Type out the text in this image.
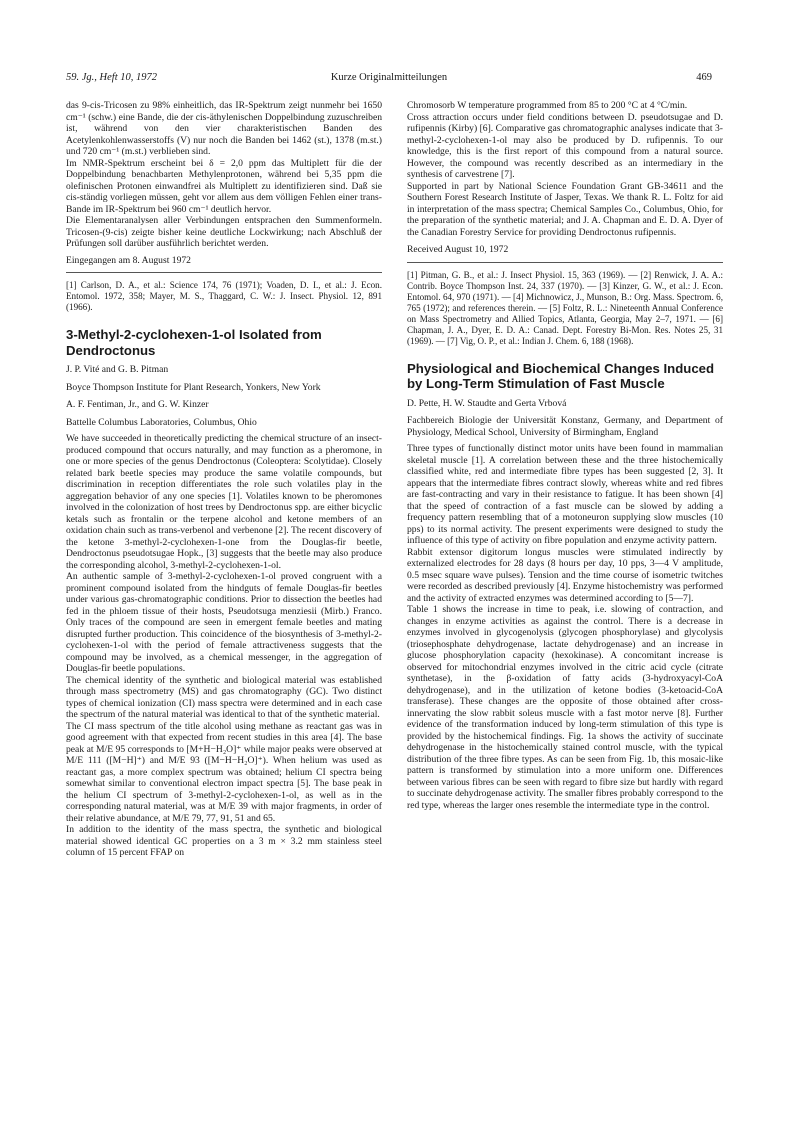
59. Jg., Heft 10, 1972	Kurze Originalmitteilungen	469

das 9-cis-Tricosen zu 98% einheitlich, das IR-Spektrum zeigt nunmehr bei 1650 cm⁻¹ (schw.) eine Bande, die der cis-äthylenischen Doppelbindung zuzuschreiben ist, während von den vier charakteristischen Banden des Acetylenkohlenwasserstoffs (V) nur noch die Banden bei 1462 (st.), 1378 (m.st.) und 720 cm⁻¹ (m.st.) verblieben sind.

Im NMR-Spektrum erscheint bei δ = 2,0 ppm das Multiplett für die der Doppelbindung benachbarten Methylenprotonen, während bei 5,35 ppm die olefinischen Protonen einwandfrei als Multiplett zu identifizieren sind. Daß sie cis-ständig vorliegen müssen, geht vor allem aus dem völligen Fehlen einer trans-Bande im IR-Spektrum bei 960 cm⁻¹ deutlich hervor.

Die Elementaranalysen aller Verbindungen entsprachen den Summenformeln. Tricosen-(9-cis) zeigte bisher keine deutliche Lockwirkung; nach Abschluß der Prüfungen soll darüber ausführlich berichtet werden.

Eingegangen am 8. August 1972

[1] Carlson, D. A., et al.: Science 174, 76 (1971); Voaden, D. I., et al.: J. Econ. Entomol. 1972, 358; Mayer, M. S., Thaggard, C. W.: J. Insect. Physiol. 12, 891 (1966).

3-Methyl-2-cyclohexen-1-ol Isolated from Dendroctonus

J. P. Vité and G. B. Pitman

Boyce Thompson Institute for Plant Research, Yonkers, New York

A. F. Fentiman, Jr., and G. W. Kinzer

Battelle Columbus Laboratories, Columbus, Ohio

We have succeeded in theoretically predicting the chemical structure of an insect-produced compound that occurs naturally, and may function as a pheromone, in one or more species of the genus Dendroctonus (Coleoptera: Scolytidae). Closely related bark beetle species may produce the same volatile compounds, but discrimination in reception differentiates the role such volatiles play in the aggregation behavior of any one species [1]. Volatiles known to be pheromones involved in the colonization of host trees by Dendroctonus spp. are either bicyclic ketals such as frontalin or the terpene alcohol and ketone members of an oxidation chain such as trans-verbenol and verbenone [2]. The recent discovery of the ketone 3-methyl-2-cyclohexen-1-one from the Douglas-fir beetle, Dendroctonus pseudotsugae Hopk., [3] suggests that the beetle may also produce the corresponding alcohol, 3-methyl-2-cyclohexen-1-ol.

An authentic sample of 3-methyl-2-cyclohexen-1-ol proved congruent with a prominent compound isolated from the hindguts of female Douglas-fir beetles under various gas-chromatographic conditions. Prior to dissection the beetles had fed in the phloem tissue of their hosts, Pseudotsuga menziesii (Mirb.) Franco. Only traces of the compound are seen in emergent female beetles and mating disrupted further production. This coincidence of the biosynthesis of 3-methyl-2-cyclohexen-1-ol with the period of female attractiveness suggests that the compound may be involved, as a chemical messenger, in the aggregation of Douglas-fir beetle populations.

The chemical identity of the synthetic and biological material was established through mass spectrometry (MS) and gas chromatography (GC). Two distinct types of chemical ionization (CI) mass spectra were determined and in each case the spectrum of the natural material was identical to that of the synthetic material.

The CI mass spectrum of the title alcohol using methane as reactant gas was in good agreement with that expected from recent studies in this area [4]. The base peak at M/E 95 corresponds to [M+H−H₂O]⁺ while major peaks were observed at M/E 111 ([M−H]⁺) and M/E 93 ([M−H−H₂O]⁺). When helium was used as reactant gas, a more complex spectrum was obtained; helium CI spectra being somewhat similar to conventional electron impact spectra [5]. The base peak in the helium CI spectrum of 3-methyl-2-cyclohexen-1-ol, as well as in the corresponding natural material, was at M/E 39 with major fragments, in order of their relative abundance, at M/E 79, 77, 91, 51 and 65.

In addition to the identity of the mass spectra, the synthetic and biological material showed identical GC properties on a 3 m × 3.2 mm stainless steel column of 15 percent FFAP on

Chromosorb W temperature programmed from 85 to 200 °C at 4 °C/min.

Cross attraction occurs under field conditions between D. pseudotsugae and D. rufipennis (Kirby) [6]. Comparative gas chromatographic analyses indicate that 3-methyl-2-cyclohexen-1-ol may also be produced by D. rufipennis. To our knowledge, this is the first report of this compound from a natural source. However, the compound was recently described as an intermediary in the synthesis of carvestrene [7].

Supported in part by National Science Foundation Grant GB-34611 and the Southern Forest Research Institute of Jasper, Texas. We thank R. L. Foltz for aid in interpretation of the mass spectra; Chemical Samples Co., Columbus, Ohio, for the preparation of the synthetic material; and J. A. Chapman and E. D. A. Dyer of the Canadian Forestry Service for providing Dendroctonus rufipennis.

Received August 10, 1972

[1] Pitman, G. B., et al.: J. Insect Physiol. 15, 363 (1969). — [2] Renwick, J. A. A.: Contrib. Boyce Thompson Inst. 24, 337 (1970). — [3] Kinzer, G. W., et al.: J. Econ. Entomol. 64, 970 (1971). — [4] Michnowicz, J., Munson, B.: Org. Mass. Spectrom. 6, 765 (1972); and references therein. — [5] Foltz, R. L.: Nineteenth Annual Conference on Mass Spectrometry and Allied Topics, Atlanta, Georgia, May 2–7, 1971. — [6] Chapman, J. A., Dyer, E. D. A.: Canad. Dept. Forestry Bi-Mon. Res. Notes 25, 31 (1969). — [7] Vig, O. P., et al.: Indian J. Chem. 6, 188 (1968).

Physiological and Biochemical Changes Induced by Long-Term Stimulation of Fast Muscle

D. Pette, H. W. Staudte and Gerta Vrbová

Fachbereich Biologie der Universität Konstanz, Germany, and Department of Physiology, Medical School, University of Birmingham, England

Three types of functionally distinct motor units have been found in mammalian skeletal muscle [1]. A correlation between these and the three histochemically classified white, red and intermediate fibre types has been suggested [2, 3]. It appears that the intermediate fibres contract slowly, whereas white and red fibres are fast-contracting and vary in their resistance to fatigue. It has been shown [4] that the speed of contraction of a fast muscle can be slowed by adding a frequency pattern resembling that of a motoneuron supplying slow muscles (10 pps) to its normal activity. The present experiments were designed to study the influence of this type of activity on fibre population and enzyme activity pattern.

Rabbit extensor digitorum longus muscles were stimulated indirectly by externalized electrodes for 28 days (8 hours per day, 10 pps, 3—4 V amplitude, 0.5 msec square wave pulses). Tension and the time course of isometric twitches were recorded as described previously [4]. Enzyme histochemistry was performed and the activity of extracted enzymes was determined according to [5—7].

Table 1 shows the increase in time to peak, i.e. slowing of contraction, and changes in enzyme activities as against the control. There is a decrease in enzymes involved in glycogenolysis (glycogen phosphorylase) and glycolysis (triosephosphate dehydrogenase, lactate dehydrogenase) and an increase in glucose phosphorylation capacity (hexokinase). A concomitant increase is observed for mitochondrial enzymes involved in the citric acid cycle (citrate synthetase), in the β-oxidation of fatty acids (3-hydroxyacyl-CoA dehydrogenase), and in the utilization of ketone bodies (3-ketoacid-CoA transferase). These changes are the opposite of those obtained after cross-innervating the slow rabbit soleus muscle with a fast motor nerve [8]. Further evidence of the transformation induced by long-term stimulation of this type is provided by the histochemical findings. Fig. 1a shows the activity of succinate dehydrogenase in the histochemically stained control muscle, with the typical distribution of the three fibre types. As can be seen from Fig. 1b, this mosaic-like pattern is transformed by stimulation into a more uniform one. Differences between various fibres can be seen with regard to fibre size but hardly with regard to succinate dehydrogenase activity. The smaller fibres probably correspond to the red type, whereas the larger ones resemble the intermediate type in the control.
